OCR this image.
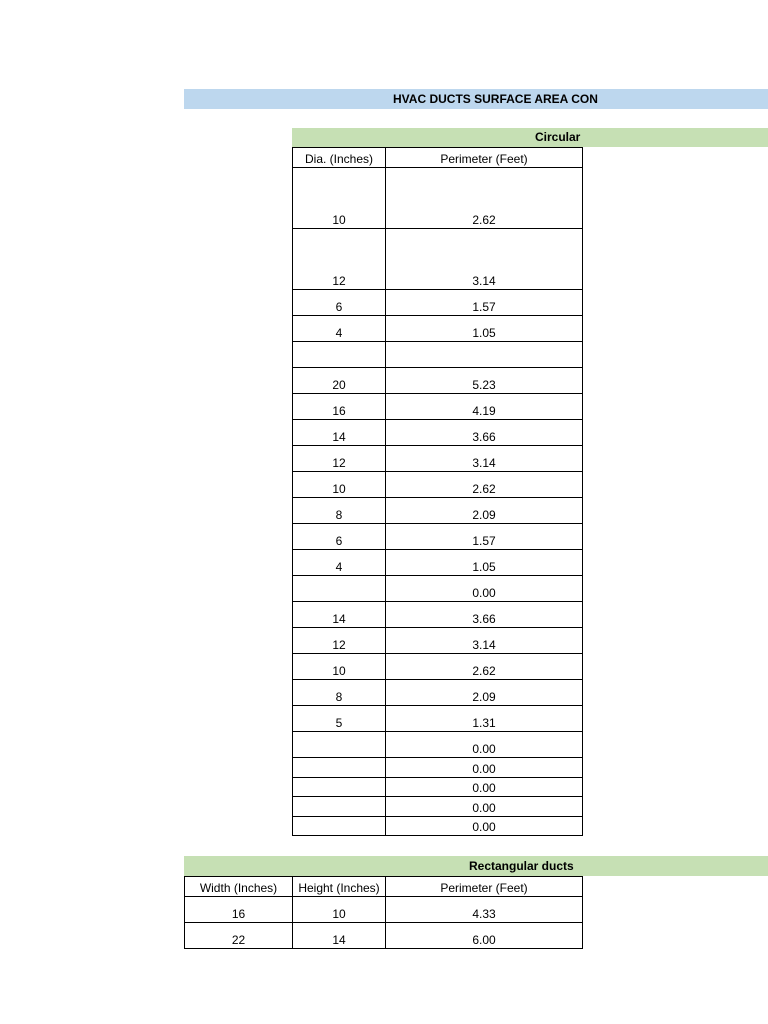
HVAC DUCTS SURFACE AREA CON
Circular
Dia. (Inches)	Perimeter (Feet)
10	2.62
12	3.14
6	1.57
4	1.05

20	5.23
16	4.19
14	3.66
12	3.14
10	2.62
8	2.09
6	1.57
4	1.05
	0.00
14	3.66
12	3.14
10	2.62
8	2.09
5	1.31
	0.00
	0.00
	0.00
	0.00
	0.00
Rectangular ducts
Width (Inches)	Height (Inches)	Perimeter (Feet)
16	10	4.33
22	14	6.00
